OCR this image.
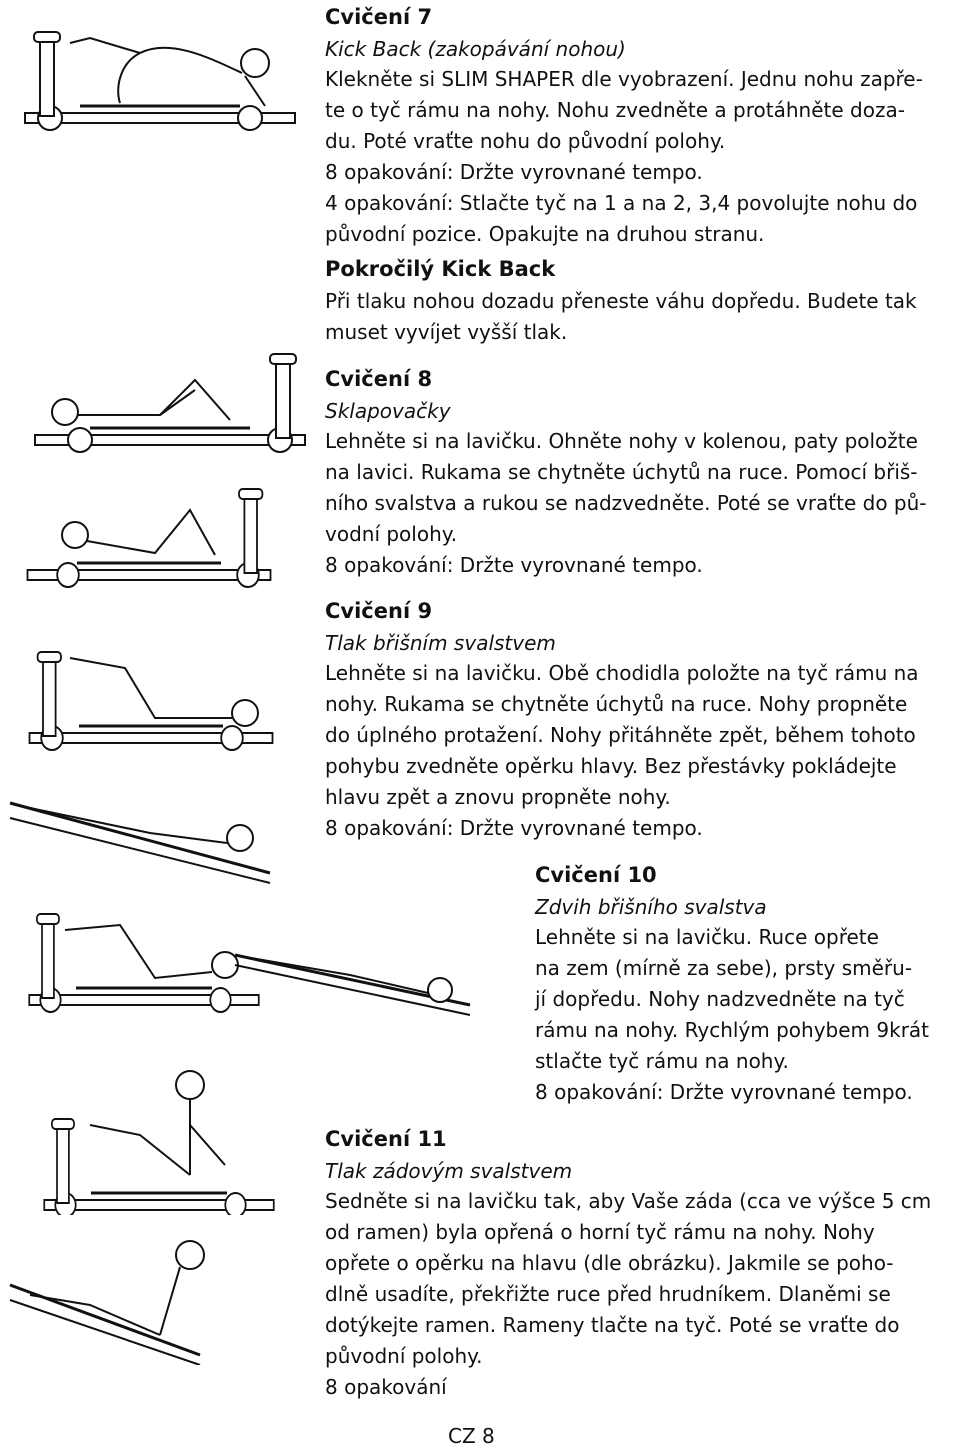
Cvičení 7
Kick Back (zakopávání nohou)
Klekněte si SLIM SHAPER dle vyobrazení. Jednu nohu zapře-
te o tyč rámu na nohy. Nohu zvedněte a protáhněte doza-
du. Poté vraťte nohu do původní polohy.
8 opakování: Držte vyrovnané tempo.
4 opakování: Stlačte tyč na 1 a na 2, 3,4 povolujte nohu do
původní pozice. Opakujte na druhou stranu.
Pokročilý Kick Back
Při tlaku nohou dozadu přeneste váhu dopředu. Budete tak
muset vyvíjet vyšší tlak.
Cvičení 8
Sklapovačky
Lehněte si na lavičku. Ohněte nohy v kolenou, paty položte
na lavici. Rukama se chytněte úchytů na ruce. Pomocí břiš-
ního svalstva a rukou se nadzvedněte. Poté se vraťte do pů-
vodní polohy.
8 opakování: Držte vyrovnané tempo.
Cvičení 9
Tlak břišním svalstvem
Lehněte si na lavičku. Obě chodidla položte na tyč rámu na
nohy. Rukama se chytněte úchytů na ruce. Nohy propněte
do úplného protažení. Nohy přitáhněte zpět, během tohoto
pohybu zvedněte opěrku hlavy. Bez přestávky pokládejte
hlavu zpět a znovu propněte nohy.
8 opakování: Držte vyrovnané tempo.
Cvičení 10
Zdvih břišního svalstva
Lehněte si na lavičku. Ruce opřete
na zem (mírně za sebe), prsty směřu-
jí dopředu. Nohy nadzvedněte na tyč
rámu na nohy. Rychlým pohybem 9krát
stlačte tyč rámu na nohy.
8 opakování: Držte vyrovnané tempo.
Cvičení 11
Tlak zádovým svalstvem
Sedněte si na lavičku tak, aby Vaše záda (cca ve výšce 5 cm
od ramen) byla opřená o horní tyč rámu na nohy. Nohy
opřete o opěrku na hlavu (dle obrázku). Jakmile se poho-
dlně usadíte, překřižte ruce před hrudníkem. Dlaněmi se
dotýkejte ramen. Rameny tlačte na tyč. Poté se vraťte do
původní polohy.
8 opakování
CZ 8
